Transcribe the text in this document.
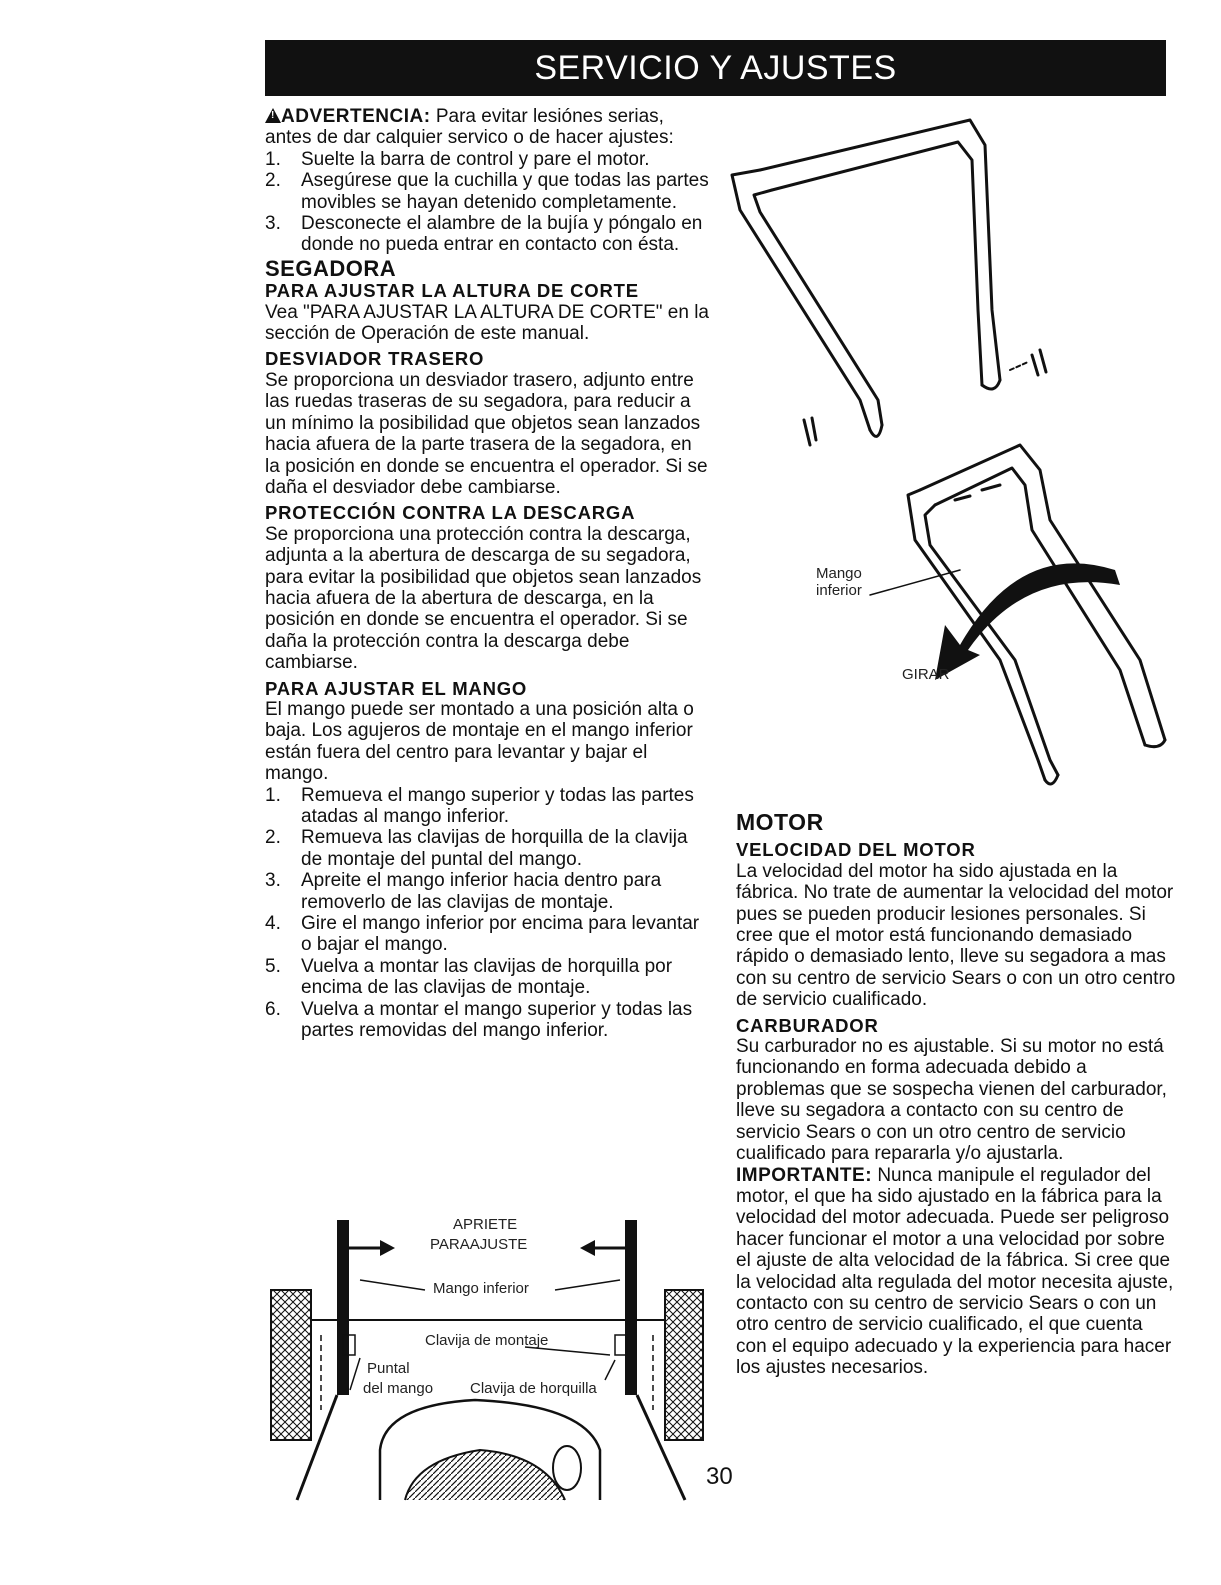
SERVICIO Y AJUSTES

!ADVERTENCIA: Para evitar lesiónes serias, antes de dar calquier servico o de hacer ajustes:

1. Suelte la barra de control y pare el motor.
2. Asegúrese que la cuchilla y que todas las partes movibles se hayan detenido completamente.
3. Desconecte el alambre de la bujía y póngalo en donde no pueda entrar en contacto con ésta.

SEGADORA

PARA AJUSTAR LA ALTURA DE CORTE

Vea "PARA AJUSTAR LA ALTURA DE CORTE" en la sección de Operación de este manual.

DESVIADOR TRASERO

Se proporciona un desviador trasero, adjunto entre las ruedas traseras de su segadora, para reducir a un mínimo la posibilidad que objetos sean lanzados hacia afuera de la parte trasera de la segadora, en la posición en donde se encuentra el operador. Si se daña el desviador debe cambiarse.

PROTECCIÓN CONTRA LA DESCARGA

Se proporciona una protección contra la descarga, adjunta a la abertura de descarga de su segadora, para evitar la posibilidad que objetos sean lanzados hacia afuera de la abertura de descarga, en la posición en donde se encuentra el operador. Si se daña la protección contra la descarga debe cambiarse.

PARA AJUSTAR EL MANGO

El mango puede ser montado a una posición alta o baja. Los agujeros de montaje en el mango inferior están fuera del centro para levantar y bajar el mango.

1. Remueva el mango superior y todas las partes atadas al mango inferior.
2. Remueva las clavijas de horquilla de la clavija de montaje del puntal del mango.
3. Apreite el mango inferior hacia dentro para removerlo de las clavijas de montaje.
4. Gire el mango inferior por encima para levantar o bajar el mango.
5. Vuelva a montar las clavijas de horquilla por encima de las clavijas de montaje.
6. Vuelva a montar el mango superior y todas las partes removidas del mango inferior.
Mango
inferior
GIRAR

MOTOR

VELOCIDAD DEL MOTOR

La velocidad del motor ha sido ajustada en la fábrica. No trate de aumentar la velocidad del motor pues se pueden producir lesiones personales. Si cree que el motor está funcionando demasiado rápido o demasiado lento, lleve su segadora a mas con su centro de servicio Sears o con un otro centro de servicio cualificado.

CARBURADOR

Su carburador no es ajustable. Si su motor no está funcionando en forma adecuada debido a problemas que se sospecha vienen del carburador, lleve su segadora a contacto con su centro de servicio Sears o con un otro centro de servicio cualificado para repararla y/o ajustarla.

IMPORTANTE: Nunca manipule el regulador del motor, el que ha sido ajustado en la fábrica para la velocidad del motor adecuada. Puede ser peligroso hacer funcionar el motor a una velocidad por sobre el ajuste de alta velocidad de la fábrica. Si cree que la velocidad alta regulada del motor necesita ajuste, contacto con su centro de servicio Sears o con un otro centro de servicio cualificado, el que cuenta con el equipo adecuado y la experiencia para hacer los ajustes necesarios.

APRIETE
PARAAJUSTE
Mango inferior
Clavija de montaje
Puntal
del mango Clavija de horquilla
30
